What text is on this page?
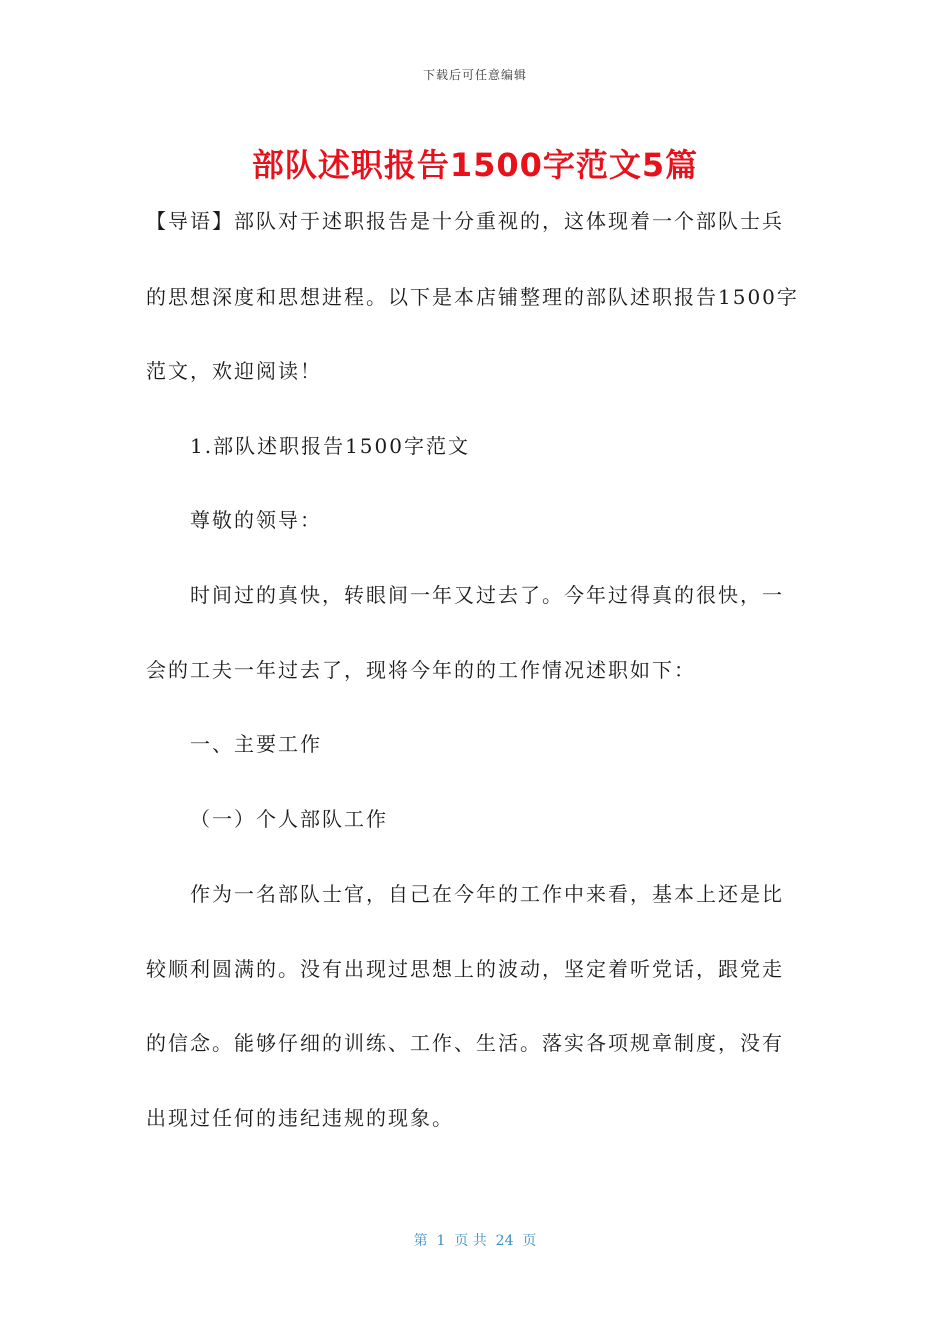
下载后可任意编辑
部队述职报告1500字范文5篇
【导语】部队对于述职报告是十分重视的，这体现着一个部队士兵
的思想深度和思想进程。以下是本店铺整理的部队述职报告1500字
范文，欢迎阅读！
1.部队述职报告1500字范文
尊敬的领导：
时间过的真快，转眼间一年又过去了。今年过得真的很快，一
会的工夫一年过去了，现将今年的的工作情况述职如下：
一、主要工作
（一）个人部队工作
作为一名部队士官，自己在今年的工作中来看，基本上还是比
较顺利圆满的。没有出现过思想上的波动，坚定着听党话，跟党走
的信念。能够仔细的训练、工作、生活。落实各项规章制度，没有
出现过任何的违纪违规的现象。
第  1  页 共  24  页
